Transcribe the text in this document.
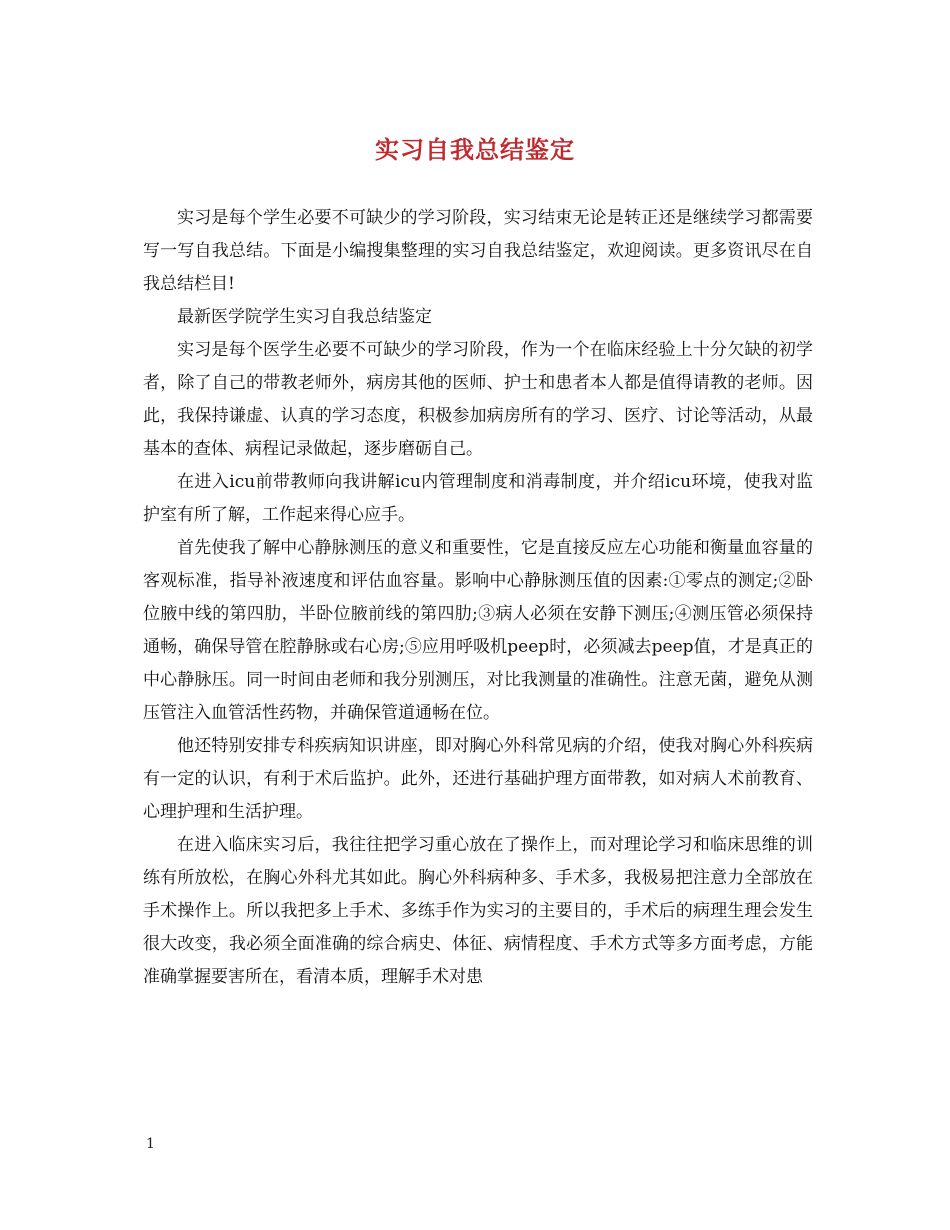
实习自我总结鉴定

实习是每个学生必要不可缺少的学习阶段，实习结束无论是转正还是继续学习都需要写一写自我总结。下面是小编搜集整理的实习自我总结鉴定，欢迎阅读。更多资讯尽在自我总结栏目!

最新医学院学生实习自我总结鉴定

实习是每个医学生必要不可缺少的学习阶段，作为一个在临床经验上十分欠缺的初学者，除了自己的带教老师外，病房其他的医师、护士和患者本人都是值得请教的老师。因此，我保持谦虚、认真的学习态度，积极参加病房所有的学习、医疗、讨论等活动，从最基本的查体、病程记录做起，逐步磨砺自己。

在进入icu前带教师向我讲解icu内管理制度和消毒制度，并介绍icu环境，使我对监护室有所了解，工作起来得心应手。

首先使我了解中心静脉测压的意义和重要性，它是直接反应左心功能和衡量血容量的客观标准，指导补液速度和评估血容量。影响中心静脉测压值的因素:①零点的测定;②卧位腋中线的第四肋，半卧位腋前线的第四肋;③病人必须在安静下测压;④测压管必须保持通畅，确保导管在腔静脉或右心房;⑤应用呼吸机peep时，必须减去peep值，才是真正的中心静脉压。同一时间由老师和我分别测压，对比我测量的准确性。注意无菌，避免从测压管注入血管活性药物，并确保管道通畅在位。

他还特别安排专科疾病知识讲座，即对胸心外科常见病的介绍，使我对胸心外科疾病有一定的认识，有利于术后监护。此外，还进行基础护理方面带教，如对病人术前教育、心理护理和生活护理。

在进入临床实习后，我往往把学习重心放在了操作上，而对理论学习和临床思维的训练有所放松，在胸心外科尤其如此。胸心外科病种多、手术多，我极易把注意力全部放在手术操作上。所以我把多上手术、多练手作为实习的主要目的，手术后的病理生理会发生很大改变，我必须全面准确的综合病史、体征、病情程度、手术方式等多方面考虑，方能准确掌握要害所在，看清本质，理解手术对患

1
